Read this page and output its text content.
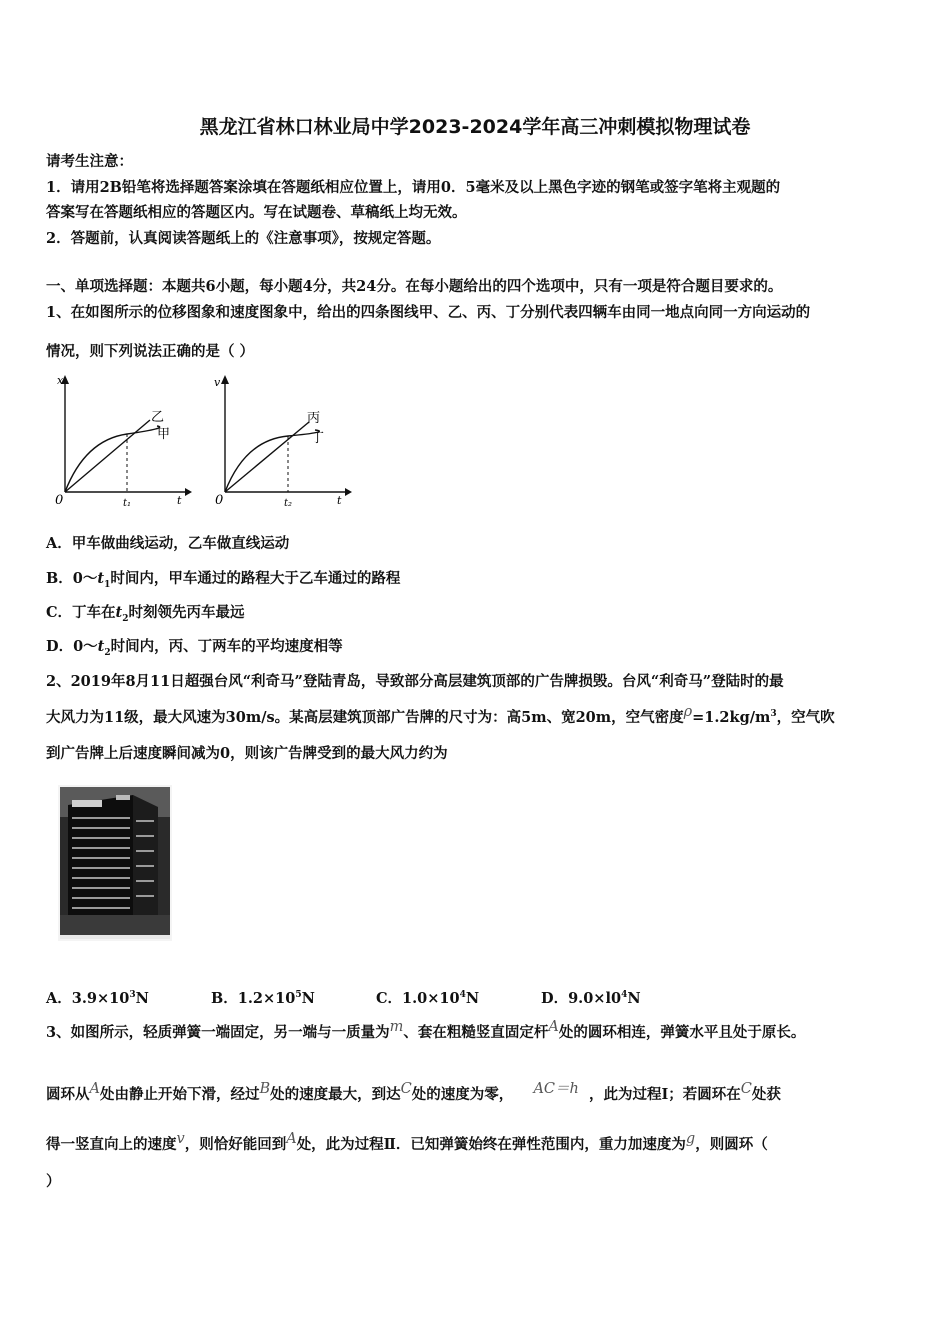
黑龙江省林口林业局中学2023-2024学年高三冲刺模拟物理试卷
请考生注意：
1．请用2B铅笔将选择题答案涂填在答题纸相应位置上，请用0．5毫米及以上黑色字迹的钢笔或签字笔将主观题的
答案写在答题纸相应的答题区内。写在试题卷、草稿纸上均无效。
2．答题前，认真阅读答题纸上的《注意事项》，按规定答题。
一、单项选择题：本题共6小题，每小题4分，共24分。在每小题给出的四个选项中，只有一项是符合题目要求的。
1、在如图所示的位移图象和速度图象中，给出的四条图线甲、乙、丙、丁分别代表四辆车由同一地点向同一方向运动的
情况，则下列说法正确的是（ ）
x
t
0	t₁
乙
甲
v
t
0	t₂
丙
丁
A．甲车做曲线运动，乙车做直线运动
B．$0\sim t_1$时间内，甲车通过的路程大于乙车通过的路程
C．丁车在$t_2$时刻领先丙车最远
D．$0\sim t_2$时间内，丙、丁两车的平均速度相等
2、2019年8月11日超强台风“利奇马”登陆青岛，导致部分高层建筑顶部的广告牌损毁。台风“利奇马”登陆时的最
大风力为11级，最大风速为30m/s。某高层建筑顶部广告牌的尺寸为：高5m、宽20m，空气密度$\rho=1.2kg/m^3$，空气吹
到广告牌上后速度瞬间减为0，则该广告牌受到的最大风力约为
A．$3.9\times 10^3N$	B．$1.2\times 10^5N$	C．$1.0\times 10^4N$	D．$9.0\times l0^4N$
3、如图所示，轻质弹簧一端固定，另一端与一质量为m、套在粗糙竖直固定杆A处的圆环相连，弹簧水平且处于原长。
圆环从A处由静止开始下滑，经过B处的速度最大，到达C处的速度为零， AC＝h ，此为过程Ⅰ；若圆环在C处获
得一竖直向上的速度v，则恰好能回到A处，此为过程Ⅱ．已知弹簧始终在弹性范围内，重力加速度为g，则圆环（
）
